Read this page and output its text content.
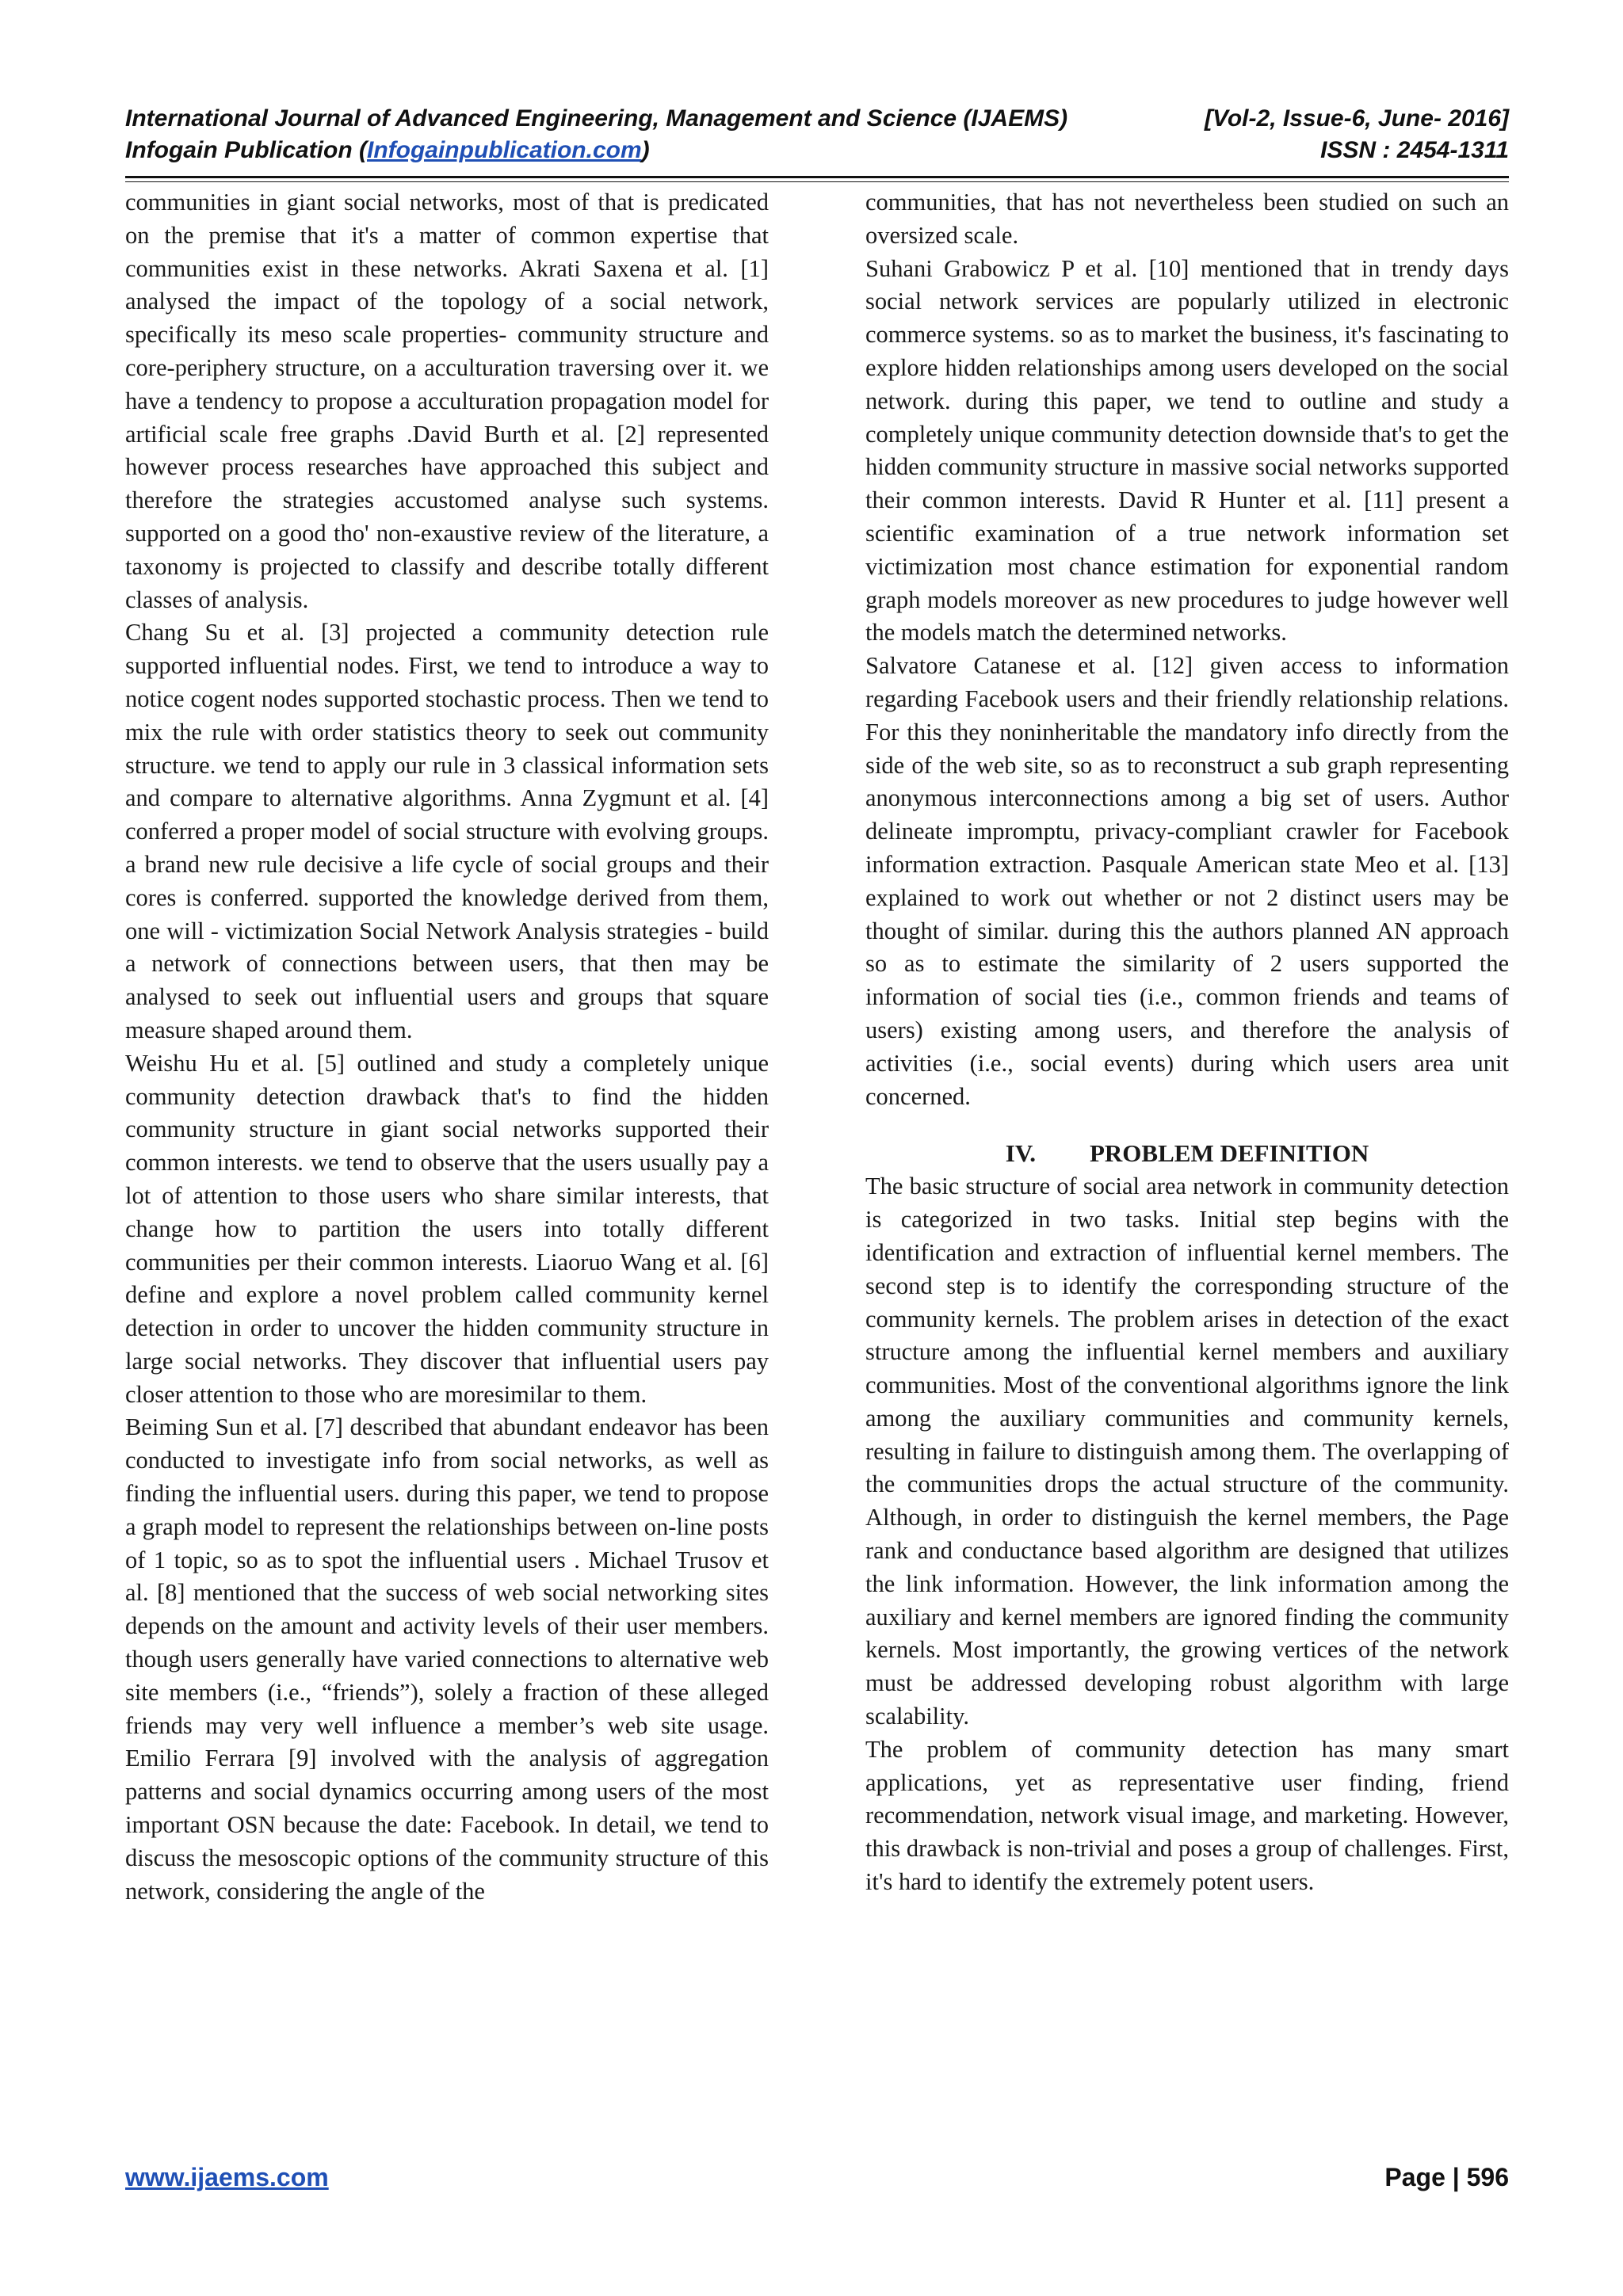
International Journal of Advanced Engineering, Management and Science (IJAEMS)	[Vol-2, Issue-6, June- 2016]
Infogain Publication (Infogainpublication.com)	ISSN : 2454-1311

communities in giant social networks, most of that is predicated on the premise that it's a matter of common expertise that communities exist in these networks. Akrati Saxena et al. [1] analysed the impact of the topology of a social network, specifically its meso scale properties- community structure and core-periphery structure, on a acculturation traversing over it. we have a tendency to propose a acculturation propagation model for artificial scale free graphs .David Burth et al. [2] represented however process researches have approached this subject and therefore the strategies accustomed analyse such systems. supported on a good tho' non-exaustive review of the literature, a taxonomy is projected to classify and describe totally different classes of analysis.

Chang Su et al. [3] projected a community detection rule supported influential nodes. First, we tend to introduce a way to notice cogent nodes supported stochastic process. Then we tend to mix the rule with order statistics theory to seek out community structure. we tend to apply our rule in 3 classical information sets and compare to alternative algorithms. Anna Zygmunt et al. [4] conferred a proper model of social structure with evolving groups. a brand new rule decisive a life cycle of social groups and their cores is conferred. supported the knowledge derived from them, one will - victimization Social Network Analysis strategies - build a network of connections between users, that then may be analysed to seek out influential users and groups that square measure shaped around them.

Weishu Hu et al. [5] outlined and study a completely unique community detection drawback that's to find the hidden community structure in giant social networks supported their common interests. we tend to observe that the users usually pay a lot of attention to those users who share similar interests, that change how to partition the users into totally different communities per their common interests. Liaoruo Wang et al. [6] define and explore a novel problem called community kernel detection in order to uncover the hidden community structure in large social networks. They discover that influential users pay closer attention to those who are moresimilar to them.

Beiming Sun et al. [7] described that abundant endeavor has been conducted to investigate info from social networks, as well as finding the influential users. during this paper, we tend to propose a graph model to represent the relationships between on-line posts of 1 topic, so as to spot the influential users . Michael Trusov et al. [8] mentioned that the success of web social networking sites depends on the amount and activity levels of their user members. though users generally have varied connections to alternative web site members (i.e., “friends”), solely a fraction of these alleged friends may very well influence a member’s web site usage. Emilio Ferrara [9] involved with the analysis of aggregation patterns and social dynamics occurring among users of the most important OSN because the date: Facebook. In detail, we tend to discuss the mesoscopic options of the community structure of this network, considering the angle of the

communities, that has not nevertheless been studied on such an oversized scale.

Suhani Grabowicz P et al. [10] mentioned that in trendy days social network services are popularly utilized in electronic commerce systems. so as to market the business, it's fascinating to explore hidden relationships among users developed on the social network. during this paper, we tend to outline and study a completely unique community detection downside that's to get the hidden community structure in massive social networks supported their common interests. David R Hunter et al. [11] present a scientific examination of a true network information set victimization most chance estimation for exponential random graph models moreover as new procedures to judge however well the models match the determined networks.

Salvatore Catanese et al. [12] given access to information regarding Facebook users and their friendly relationship relations. For this they noninheritable the mandatory info directly from the side of the web site, so as to reconstruct a sub graph representing anonymous interconnections among a big set of users. Author delineate impromptu, privacy-compliant crawler for Facebook information extraction. Pasquale American state Meo et al. [13] explained to work out whether or not 2 distinct users may be thought of similar. during this the authors planned AN approach so as to estimate the similarity of 2 users supported the information of social ties (i.e., common friends and teams of users) existing among users, and therefore the analysis of activities (i.e., social events) during which users area unit concerned.

IV. PROBLEM DEFINITION

The basic structure of social area network in community detection is categorized in two tasks. Initial step begins with the identification and extraction of influential kernel members. The second step is to identify the corresponding structure of the community kernels. The problem arises in detection of the exact structure among the influential kernel members and auxiliary communities. Most of the conventional algorithms ignore the link among the auxiliary communities and community kernels, resulting in failure to distinguish among them. The overlapping of the communities drops the actual structure of the community. Although, in order to distinguish the kernel members, the Page rank and conductance based algorithm are designed that utilizes the link information. However, the link information among the auxiliary and kernel members are ignored finding the community kernels. Most importantly, the growing vertices of the network must be addressed developing robust algorithm with large scalability.

The problem of community detection has many smart applications, yet as representative user finding, friend recommendation, network visual image, and marketing. However, this drawback is non-trivial and poses a group of challenges. First, it's hard to identify the extremely potent users.

www.ijaems.com	Page | 596
